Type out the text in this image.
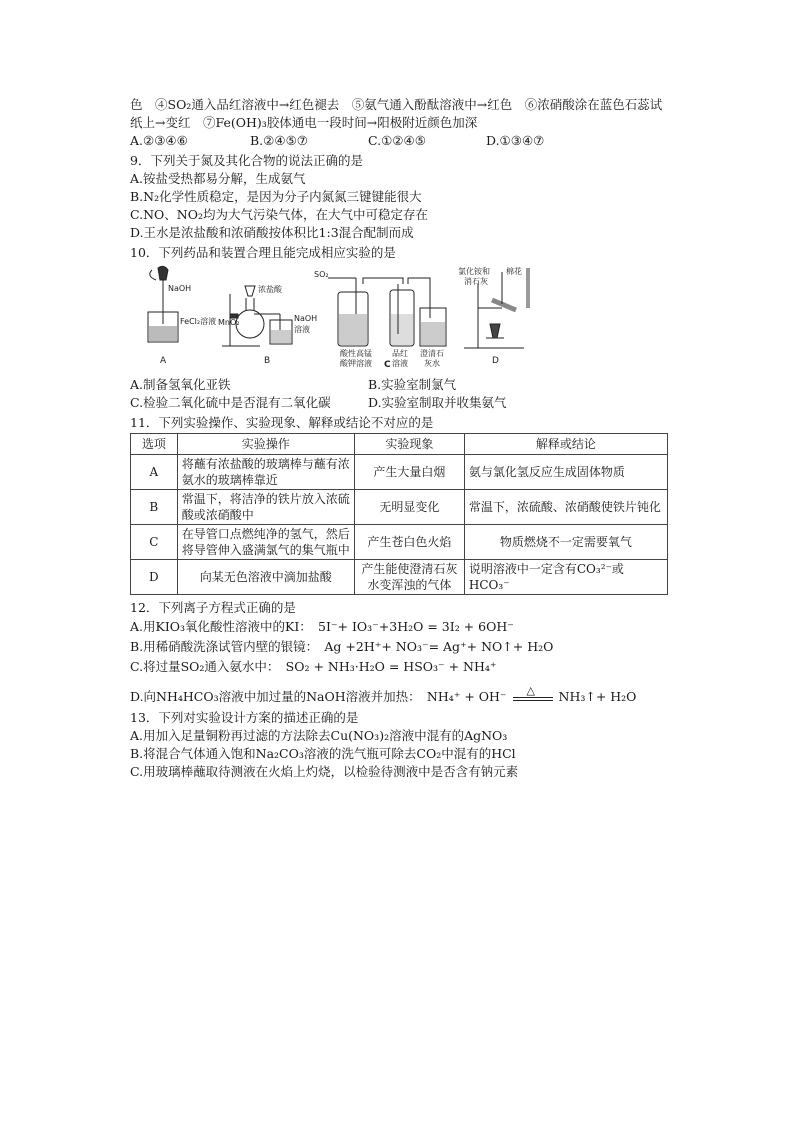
色　④SO₂通入品红溶液中→红色褪去　⑤氨气通入酚酞溶液中→红色　⑥浓硝酸涂在蓝色石蕊试
纸上→变红　⑦Fe(OH)₃胶体通电一段时间→阳极附近颜色加深
A.②③④⑥	B.②④⑤⑦	C.①②④⑤	D.①③④⑦
9．下列关于氮及其化合物的说法正确的是
A.铵盐受热都易分解，生成氨气
B.N₂化学性质稳定，是因为分子内氮氮三键键能很大
C.NO、NO₂均为大气污染气体，在大气中可稳定存在
D.王水是浓盐酸和浓硝酸按体积比1:3混合配制而成
10．下列药品和装置合理且能完成相应实验的是
NaOH
FeCl₂溶液
A
浓盐酸
MnO₂	NaOH
溶液
B
SO₂
酸性高锰
酸钾溶液
品红
溶液
澄清石
灰水
C
氯化铵和
消石灰
棉花
D
A.制备氢氧化亚铁	B.实验室制氯气
C.检验二氧化硫中是否混有二氧化碳	D.实验室制取并收集氨气
11．下列实验操作、实验现象、解释或结论不对应的是
选项	实验操作	实验现象	解释或结论
A	将蘸有浓盐酸的玻璃棒与蘸有浓氨水的玻璃棒靠近	产生大量白烟	氨与氯化氢反应生成固体物质
B	常温下，将洁净的铁片放入浓硫酸或浓硝酸中	无明显变化	常温下，浓硫酸、浓硝酸使铁片钝化
C	在导管口点燃纯净的氢气，然后将导管伸入盛满氯气的集气瓶中	产生苍白色火焰	物质燃烧不一定需要氧气
D	向某无色溶液中滴加盐酸	产生能使澄清石灰水变浑浊的气体	说明溶液中一定含有CO₃²⁻或HCO₃⁻
12．下列离子方程式正确的是
A.用KIO₃氧化酸性溶液中的KI：　5I⁻+ IO₃⁻+3H₂O = 3I₂ + 6OH⁻
B.用稀硝酸洗涤试管内壁的银镜：　Ag +2H⁺+ NO₃⁻= Ag⁺+ NO↑+ H₂O
C.将过量SO₂通入氨水中：　SO₂ + NH₃·H₂O = HSO₃⁻ + NH₄⁺
D.向NH₄HCO₃溶液中加过量的NaOH溶液并加热：　NH₄⁺ + OH⁻ △ NH₃↑+ H₂O
13．下列对实验设计方案的描述正确的是
A.用加入足量铜粉再过滤的方法除去Cu(NO₃)₂溶液中混有的AgNO₃
B.将混合气体通入饱和Na₂CO₃溶液的洗气瓶可除去CO₂中混有的HCl
C.用玻璃棒蘸取待测液在火焰上灼烧，以检验待测液中是否含有钠元素
